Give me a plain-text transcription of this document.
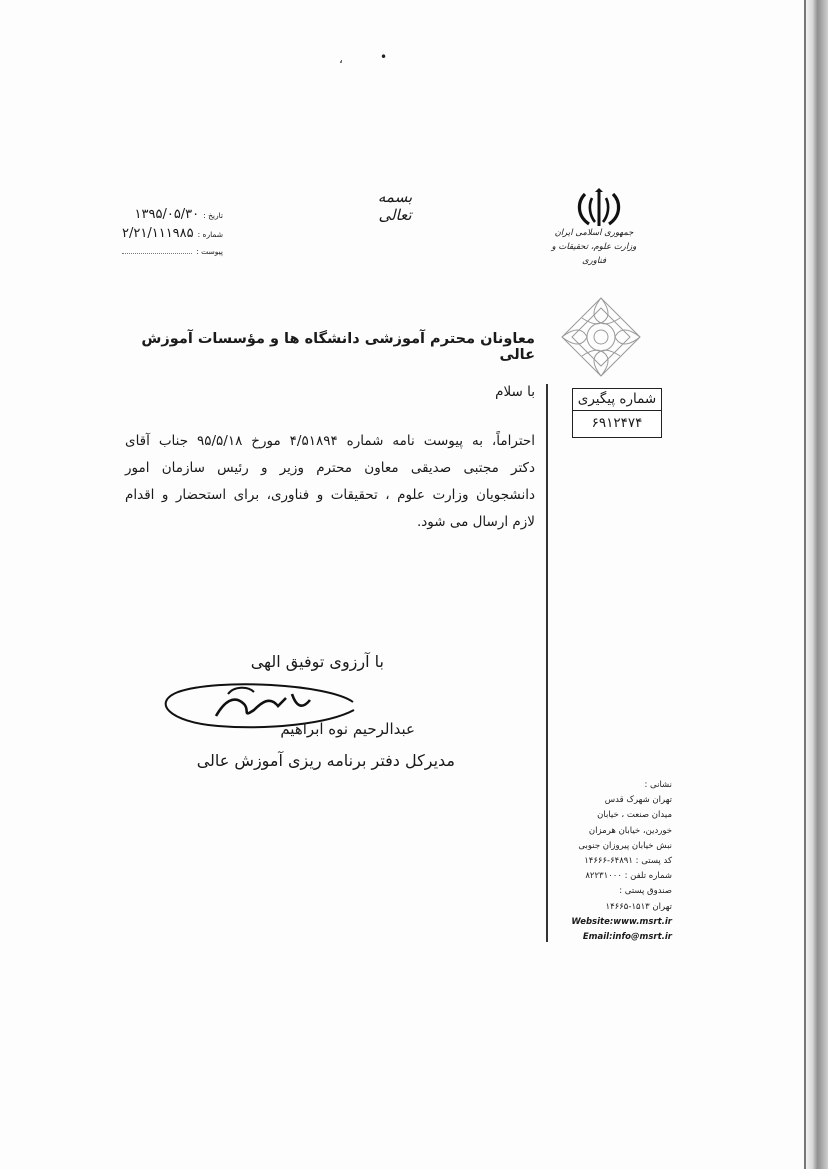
،	•
بسمه تعالی
جمهوری اسلامی ایران
وزارت علوم، تحقیقات و فناوری
۱۳۹۵/۰۵/۳۰ تاریخ :
۲/۲۱/۱۱۱۹۸۵ شماره :
پیوست :
شماره پیگیری
۶۹۱۲۴۷۴
معاونان محترم آموزشی دانشگاه ها و مؤسسات آموزش عالی
با سلام
احتراماً، به پیوست نامه شماره ۴/۵۱۸۹۴ مورخ ۹۵/۵/۱۸ جناب آقای
دکتر مجتبی صدیقی معاون محترم وزیر و رئیس سازمان امور
دانشجویان وزارت علوم ، تحقیقات و فناوری، برای استحضار و اقدام
لازم ارسال می شود.
با آرزوی توفیق الهی
عبدالرحیم نوه ابراهیم
مدیرکل دفتر برنامه ریزی آموزش عالی
نشانی :
تهران شهرک قدس
میدان صنعت ، خیابان
خوردین، خیابان هرمزان
نبش خیابان پیروزان جنوبی
کد پستی : ۶۴۸۹۱-۱۴۶۶۶
شماره تلفن : ۸۲۲۳۱۰۰۰
صندوق پستی :
تهران ۱۵۱۳-۱۴۶۶۵
Website:www.msrt.ir
Email:info@msrt.ir
